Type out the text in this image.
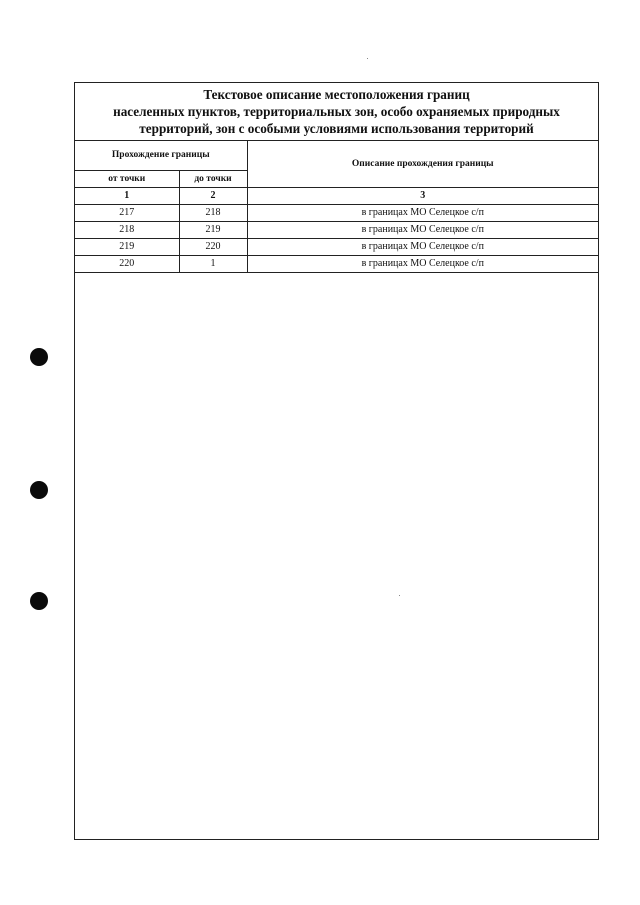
Текстовое описание местоположения границ
населенных пунктов, территориальных зон, особо охраняемых природных
территорий, зон с особыми условиями использования территорий
Прохождение границы		Описание прохождения границы
от точки	до точки	
1	2	3
217	218	в границах МО Селецкое с/п
218	219	в границах МО Селецкое с/п
219	220	в границах МО Селецкое с/п
220	1	в границах МО Селецкое с/п
